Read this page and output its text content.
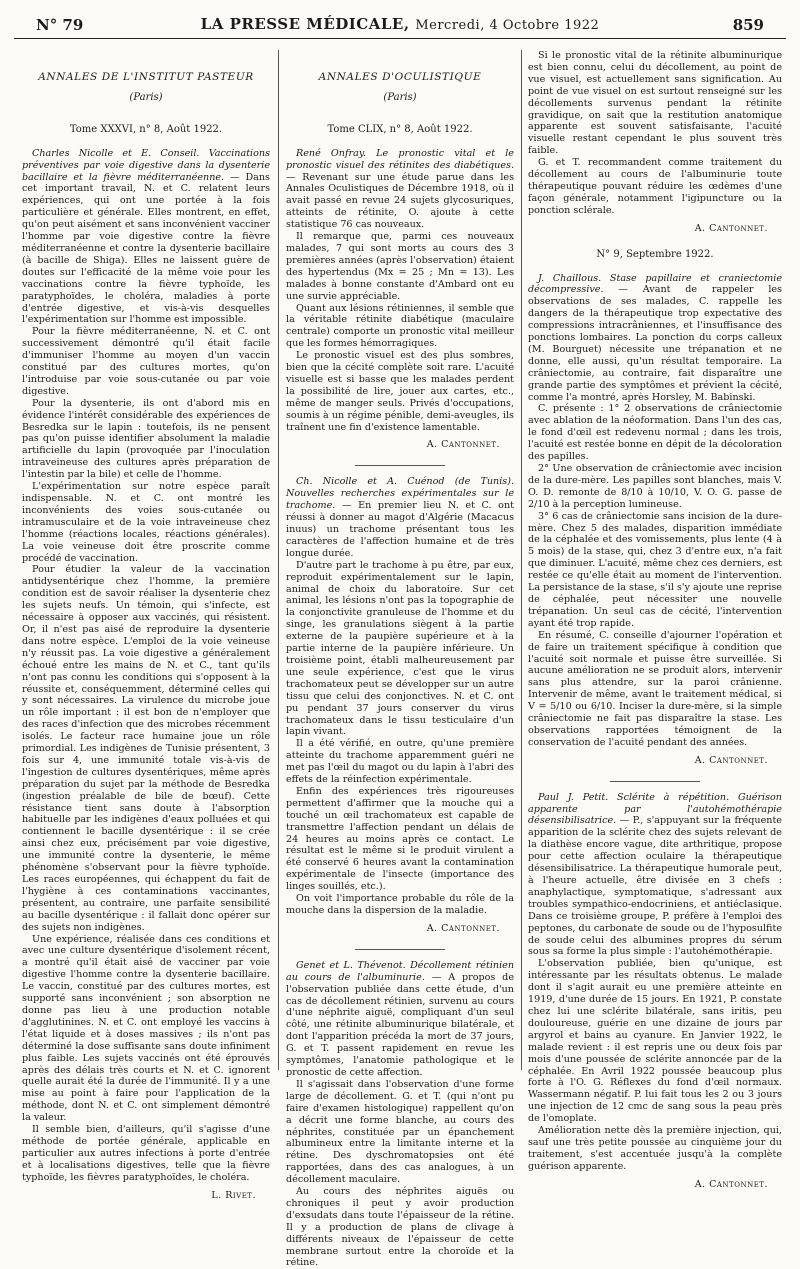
N° 79	LA PRESSE MÉDICALE, Mercredi, 4 Octobre 1922	859
ANNALES DE L'INSTITUT PASTEUR
(Paris)
Tome XXXVI, n° 8, Août 1922.

Charles Nicolle et E. Conseil. Vaccinations préventives par voie digestive dans la dysenterie bacillaire et la fièvre méditerranéenne. — Dans cet important travail, N. et C. relatent leurs expériences, qui ont une portée à la fois particulière et générale. Elles montrent, en effet, qu'on peut aisément et sans inconvénient vacciner l'homme par voie digestive contre la fièvre méditerranéenne et contre la dysenterie bacillaire (à bacille de Shiga). Elles ne laissent guère de doutes sur l'efficacité de la même voie pour les vaccinations contre la fièvre typhoïde, les paratyphoïdes, le choléra, maladies à porte d'entrée digestive, et vis-à-vis desquelles l'expérimentation sur l'homme est impossible.

Pour la fièvre méditerranéenne, N. et C. ont successivement démontré qu'il était facile d'immuniser l'homme au moyen d'un vaccin constitué par des cultures mortes, qu'on l'introduise par voie sous-cutanée ou par voie digestive.

Pour la dysenterie, ils ont d'abord mis en évidence l'intérêt considérable des expériences de Besredka sur le lapin : toutefois, ils ne pensent pas qu'on puisse identifier absolument la maladie artificielle du lapin (provoquée par l'inoculation intraveineuse des cultures après préparation de l'intestin par la bile) et celle de l'homme.

L'expérimentation sur notre espèce paraît indispensable. N. et C. ont montré les inconvénients des voies sous-cutanée ou intramusculaire et de la voie intraveineuse chez l'homme (réactions locales, réactions générales). La voie veineuse doit être proscrite comme procédé de vaccination.

Pour étudier la valeur de la vaccination antidysentérique chez l'homme, la première condition est de savoir réaliser la dysenterie chez les sujets neufs. Un témoin, qui s'infecte, est nécessaire à opposer aux vaccinés, qui résistent. Or, il n'est pas aisé de reproduire la dysenterie dans notre espèce. L'emploi de la voie veineuse n'y réussit pas. La voie digestive a généralement échoué entre les mains de N. et C., tant qu'ils n'ont pas connu les conditions qui s'opposent à la réussite et, conséquemment, déterminé celles qui y sont nécessaires. La virulence du microbe joue un rôle important : il est bon de n'employer que des races d'infection que des microbes récemment isolés. Le facteur race humaine joue un rôle primordial. Les indigènes de Tunisie présentent, 3 fois sur 4, une immunité totale vis-à-vis de l'ingestion de cultures dysentériques, même après préparation du sujet par la méthode de Besredka (ingestion préalable de bile de bœuf). Cette résistance tient sans doute à l'absorption habituelle par les indigènes d'eaux polluées et qui contiennent le bacille dysentérique : il se crée ainsi chez eux, précisément par voie digestive, une immunité contre la dysenterie, le même phénomène s'observant pour la fièvre typhoïde. Les races européennes, qui échappent du fait de l'hygiène à ces contaminations vaccinantes, présentent, au contraire, une parfaite sensibilité au bacille dysentérique : il fallait donc opérer sur des sujets non indigènes.

Une expérience, réalisée dans ces conditions et avec une culture dysentérique d'isolement récent, a montré qu'il était aisé de vacciner par voie digestive l'homme contre la dysenterie bacillaire. Le vaccin, constitué par des cultures mortes, est supporté sans inconvénient ; son absorption ne donne pas lieu à une production notable d'agglutinines. N. et C. ont employé les vaccins à l'état liquide et à doses massives ; ils n'ont pas déterminé la dose suffisante sans doute infiniment plus faible. Les sujets vaccinés ont été éprouvés après des délais très courts et N. et C. ignorent quelle aurait été la durée de l'immunité. Il y a une mise au point à faire pour l'application de la méthode, dont N. et C. ont simplement démontré la valeur.

Il semble bien, d'ailleurs, qu'il s'agisse d'une méthode de portée générale, applicable en particulier aux autres infections à porte d'entrée et à localisations digestives, telle que la fièvre typhoïde, les fièvres paratyphoïdes, le choléra.

L. Rivet.
ANNALES D'OCULISTIQUE
(Paris)
Tome CLIX, n° 8, Août 1922.

René Onfray. Le pronostic vital et le pronostic visuel des rétinites des diabétiques. — Revenant sur une étude parue dans les Annales Oculistiques de Décembre 1918, où il avait passé en revue 24 sujets glycosuriques, atteints de rétinite, O. ajoute à cette statistique 76 cas nouveaux.

Il remarque que, parmi ces nouveaux malades, 7 qui sont morts au cours des 3 premières années (après l'observation) étaient des hypertendus (Mx = 25 ; Mn = 13). Les malades à bonne constante d'Ambard ont eu une survie appréciable.

Quant aux lésions rétiniennes, il semble que la véritable rétinite diabétique (maculaire centrale) comporte un pronostic vital meilleur que les formes hémorragiques.

Le pronostic visuel est des plus sombres, bien que la cécité complète soit rare. L'acuité visuelle est si basse que les malades perdent la possibilité de lire, jouer aux cartes, etc., même de manger seuls. Privés d'occupations, soumis à un régime pénible, demi-aveugles, ils traînent une fin d'existence lamentable.

A. Cantonnet.

Ch. Nicolle et A. Cuénod (de Tunis). Nouvelles recherches expérimentales sur le trachome. — En premier lieu N. et C. ont réussi à donner au magot d'Algérie (Macacus inuus) un trachome présentant tous les caractères de l'affection humaine et de très longue durée.

D'autre part le trachome à pu être, par eux, reproduit expérimentalement sur le lapin, animal de choix du laboratoire. Sur cet animal, les lésions n'ont pas la topographie de la conjonctivite granuleuse de l'homme et du singe, les granulations siègent à la partie externe de la paupière supérieure et à la partie interne de la paupière inférieure. Un troisième point, établi malheureusement par une seule expérience, c'est que le virus trachomateux peut se développer sur un autre tissu que celui des conjonctives. N. et C. ont pu pendant 37 jours conserver du virus trachomateux dans le tissu testiculaire d'un lapin vivant.

Il a été vérifié, en outre, qu'une première atteinte du trachome apparemment guéri ne met pas l'œil du magot ou du lapin à l'abri des effets de la réinfection expérimentale.

Enfin des expériences très rigoureuses permettent d'affirmer que la mouche qui a touché un œil trachomateux est capable de transmettre l'affection pendant un délais de 24 heures au moins après ce contact. Le résultat est le même si le produit virulent a été conservé 6 heures avant la contamination expérimentale de l'insecte (importance des linges souillés, etc.).

On voit l'importance probable du rôle de la mouche dans la dispersion de la maladie.

A. Cantonnet.

Genet et L. Thévenot. Décollement rétinien au cours de l'albuminurie. — A propos de l'observation publiée dans cette étude, d'un cas de décollement rétinien, survenu au cours d'une néphrite aiguë, compliquant d'un seul côté, une rétinite albuminurique bilatérale, et dont l'apparition précéda la mort de 37 jours, G. et T. passent rapidement en revue les symptômes, l'anatomie pathologique et le pronostic de cette affection.

Il s'agissait dans l'observation d'une forme large de décollement. G. et T. (qui n'ont pu faire d'examen histologique) rappellent qu'on a décrit une forme blanche, au cours des néphrites, constituée par un épanchement albumineux entre la limitante interne et la rétine. Des dyschromatopsies ont été rapportées, dans des cas analogues, à un décollement maculaire.

Au cours des néphrites aiguës ou chroniques il peut y avoir production d'exsudats dans toute l'épaisseur de la rétine. Il y a production de plans de clivage à différents niveaux de l'épaisseur de cette membrane surtout entre la choroïde et la rétine.

Si le pronostic vital de la rétinite albuminurique est bien connu, celui du décollement, au point de vue visuel, est actuellement sans signification. Au point de vue visuel on est surtout renseigné sur les décollements survenus pendant la rétinite gravidique, on sait que la restitution anatomique apparente est souvent satisfaisante, l'acuité visuelle restant cependant le plus souvent très faible.

G. et T. recommandent comme traitement du décollement au cours de l'albuminurie toute thérapeutique pouvant réduire les œdèmes d'une façon générale, notamment l'igipuncture ou la ponction sclérale.

A. Cantonnet.
N° 9, Septembre 1922.

J. Chaillous. Stase papillaire et craniectomie décompressive. — Avant de rappeler les observations de ses malades, C. rappelle les dangers de la thérapeutique trop expectative des compressions intracrâniennes, et l'insuffisance des ponctions lombaires. La ponction du corps calleux (M. Bourguet) nécessite une trépanation et ne donne, elle aussi, qu'un résultat temporaire. La crâniectomie, au contraire, fait disparaître une grande partie des symptômes et prévient la cécité, comme l'a montré, après Horsley, M. Babinski.

C. présente : 1° 2 observations de crâniectomie avec ablation de la néoformation. Dans l'un des cas, le fond d'œil est redevenu normal ; dans les trois, l'acuité est restée bonne en dépit de la décoloration des papilles.

2° Une observation de crâniectomie avec incision de la dure-mère. Les papilles sont blanches, mais V. O. D. remonte de 8/10 à 10/10, V. O. G. passe de 2/10 à la perception lumineuse.

3° 6 cas de crâniectomie sans incision de la dure-mère. Chez 5 des malades, disparition immédiate de la céphalée et des vomissements, plus lente (4 à 5 mois) de la stase, qui, chez 3 d'entre eux, n'a fait que diminuer. L'acuité, même chez ces derniers, est restée ce qu'elle était au moment de l'intervention. La persistance de la stase, s'il s'y ajoute une reprise de céphalée, peut nécessiter une nouvelle trépanation. Un seul cas de cécité, l'intervention ayant été trop rapide.

En résumé, C. conseille d'ajourner l'opération et de faire un traitement spécifique à condition que l'acuité soit normale et puisse être surveillée. Si aucune amélioration ne se produit alors, intervenir sans plus attendre, sur la paroi crânienne. Intervenir de même, avant le traitement médical, si V = 5/10 ou 6/10. Inciser la dure-mère, si la simple crâniectomie ne fait pas disparaître la stase. Les observations rapportées témoignent de la conservation de l'acuité pendant des années.

A. Cantonnet.

Paul J. Petit. Sclérite à répétition. Guérison apparente par l'autohémothérapie désensibilisatrice. — P., s'appuyant sur la fréquente apparition de la sclérite chez des sujets relevant de la diathèse encore vague, dite arthritique, propose pour cette affection oculaire la thérapeutique désensibilisatrice. La thérapeutique humorale peut, à l'heure actuelle, être divisée en 3 chefs : anaphylactique, symptomatique, s'adressant aux troubles sympathico-endocriniens, et antiéclasique. Dans ce troisième groupe, P. préfère à l'emploi des peptones, du carbonate de soude ou de l'hyposulfite de soude celui des albumines propres du sérum sous sa forme la plus simple : l'autohémothérapie.

L'observation publiée, bien qu'unique, est intéressante par les résultats obtenus. Le malade dont il s'agit aurait eu une première atteinte en 1919, d'une durée de 15 jours. En 1921, P. constate chez lui une sclérite bilatérale, sans iritis, peu douloureuse, guérie en une dizaine de jours par argyrol et bains au cyanure. En Janvier 1922, le malade revient : il est repris une ou deux fois par mois d'une poussée de sclérite annoncée par de la céphalée. En Avril 1922 poussée beaucoup plus forte à l'O. G. Réflexes du fond d'œil normaux. Wassermann négatif. P. lui fait tous les 2 ou 3 jours une injection de 12 cmc de sang sous la peau près de l'omoplate.

Amélioration nette dès la première injection, qui, sauf une très petite poussée au cinquième jour du traitement, s'est accentuée jusqu'à la complète guérison apparente.

A. Cantonnet.
